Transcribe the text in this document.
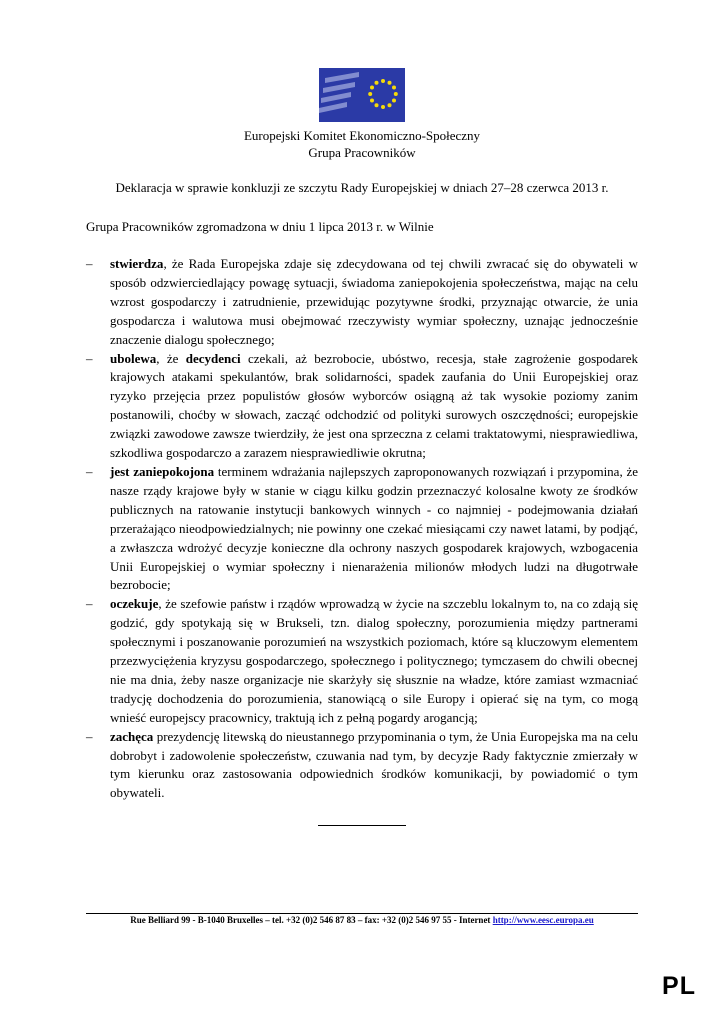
Europejski Komitet Ekonomiczno-Społeczny
Grupa Pracowników
Deklaracja w sprawie konkluzji ze szczytu Rady Europejskiej w dniach 27–28 czerwca 2013 r.
Grupa Pracowników zgromadzona w dniu 1 lipca 2013 r. w Wilnie
– stwierdza, że Rada Europejska zdaje się zdecydowana od tej chwili zwracać się do obywateli w sposób odzwierciedlający powagę sytuacji, świadoma zaniepokojenia społeczeństwa, mając na celu wzrost gospodarczy i zatrudnienie, przewidując pozytywne środki, przyznając otwarcie, że unia gospodarcza i walutowa musi obejmować rzeczywisty wymiar społeczny, uznając jednocześnie znaczenie dialogu społecznego;
– ubolewa, że decydenci czekali, aż bezrobocie, ubóstwo, recesja, stałe zagrożenie gospodarek krajowych atakami spekulantów, brak solidarności, spadek zaufania do Unii Europejskiej oraz ryzyko przejęcia przez populistów głosów wyborców osiągną aż tak wysokie poziomy zanim postanowili, choćby w słowach, zacząć odchodzić od polityki surowych oszczędności; europejskie związki zawodowe zawsze twierdziły, że jest ona sprzeczna z celami traktatowymi, niesprawiedliwa, szkodliwa gospodarczo a zarazem niesprawiedliwie okrutna;
– jest zaniepokojona terminem wdrażania najlepszych zaproponowanych rozwiązań i przypomina, że nasze rządy krajowe były w stanie w ciągu kilku godzin przeznaczyć kolosalne kwoty ze środków publicznych na ratowanie instytucji bankowych winnych - co najmniej - podejmowania działań przerażająco nieodpowiedzialnych; nie powinny one czekać miesiącami czy nawet latami, by podjąć, a zwłaszcza wdrożyć decyzje konieczne dla ochrony naszych gospodarek krajowych, wzbogacenia Unii Europejskiej o wymiar społeczny i nienarażenia milionów młodych ludzi na długotrwałe bezrobocie;
– oczekuje, że szefowie państw i rządów wprowadzą w życie na szczeblu lokalnym to, na co zdają się godzić, gdy spotykają się w Brukseli, tzn. dialog społeczny, porozumienia między partnerami społecznymi i poszanowanie porozumień na wszystkich poziomach, które są kluczowym elementem przezwyciężenia kryzysu gospodarczego, społecznego i politycznego; tymczasem do chwili obecnej nie ma dnia, żeby nasze organizacje nie skarżyły się słusznie na władze, które zamiast wzmacniać tradycję dochodzenia do porozumienia, stanowiącą o sile Europy i opierać się na tym, co mogą wnieść europejscy pracownicy, traktują ich z pełną pogardy arogancją;
– zachęca prezydencję litewską do nieustannego przypominania o tym, że Unia Europejska ma na celu dobrobyt i zadowolenie społeczeństw, czuwania nad tym, by decyzje Rady faktycznie zmierzały w tym kierunku oraz zastosowania odpowiednich środków komunikacji, by powiadomić o tym obywateli.
Rue Belliard 99 - B-1040 Bruxelles – tel. +32 (0)2 546 87 83 – fax: +32 (0)2 546 97 55 - Internet http://www.eesc.europa.eu
PL
